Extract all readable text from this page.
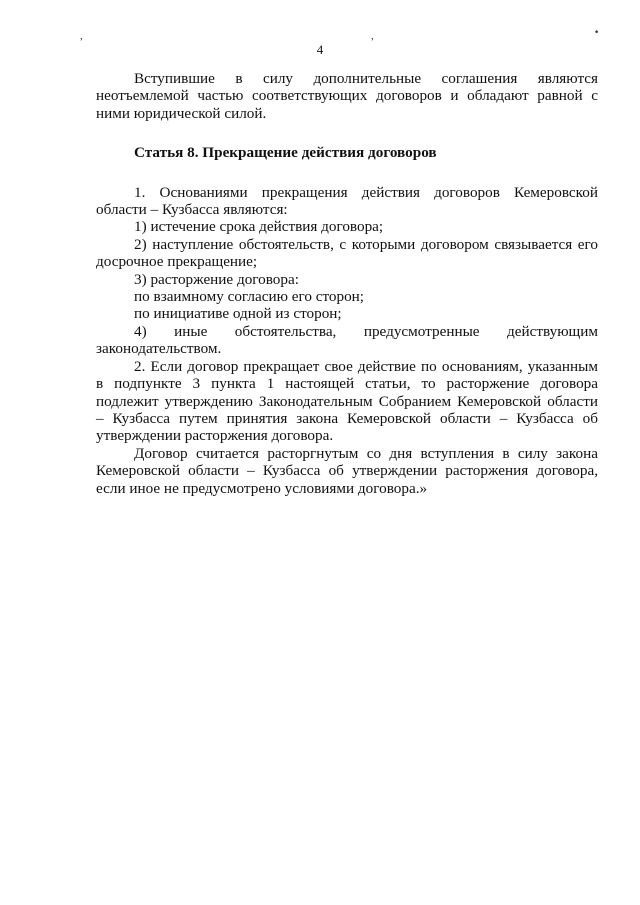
,	,	·
4

Вступившие в силу дополнительные соглашения являются неотъемлемой частью соответствующих договоров и обладают равной с ними юридической силой.

Статья 8. Прекращение действия договоров

1. Основаниями прекращения действия договоров Кемеровской области – Кузбасса являются:

1) истечение срока действия договора;

2) наступление обстоятельств, с которыми договором связывается его досрочное прекращение;

3) расторжение договора:

по взаимному согласию его сторон;

по инициативе одной из сторон;

4) иные обстоятельства, предусмотренные действующим

законодательством.

2. Если договор прекращает свое действие по основаниям, указанным в подпункте 3 пункта 1 настоящей статьи, то расторжение договора подлежит утверждению Законодательным Собранием Кемеровской области – Кузбасса путем принятия закона Кемеровской области – Кузбасса об утверждении расторжения договора.

Договор считается расторгнутым со дня вступления в силу закона Кемеровской области – Кузбасса об утверждении расторжения договора, если иное не предусмотрено условиями договора.»
